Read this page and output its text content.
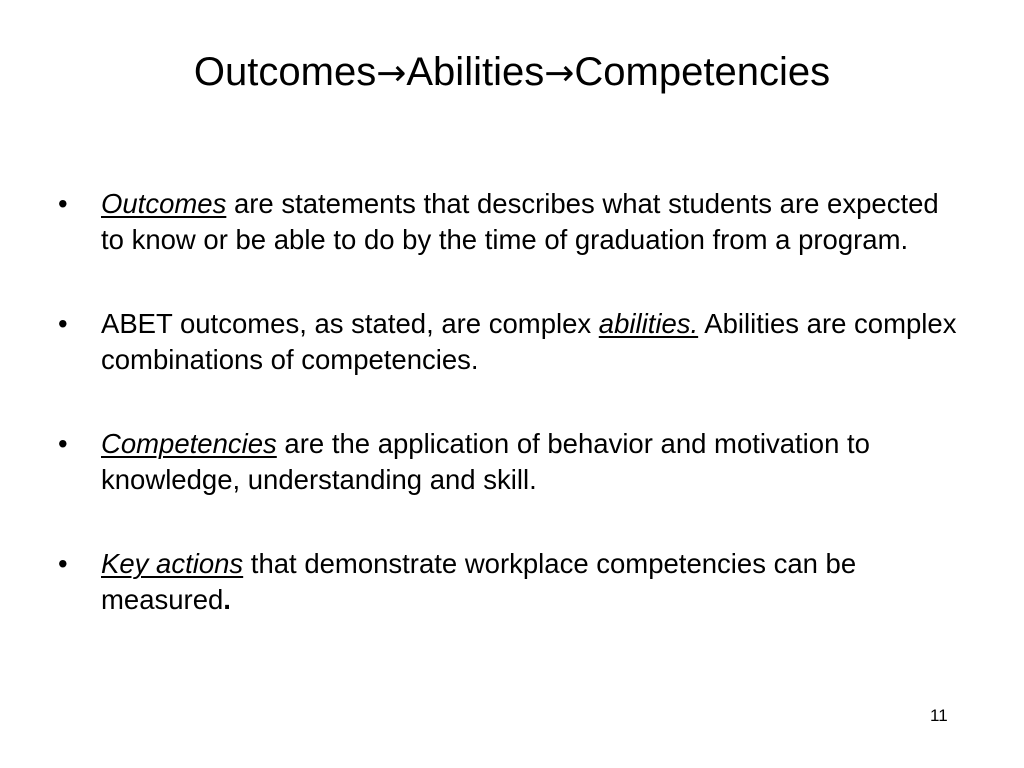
Outcomes→Abilities→Competencies
•	Outcomes are statements that describes what students are expected to know or be able to do by the time of graduation from a program.
•	ABET outcomes, as stated, are complex abilities. Abilities are complex combinations of competencies.
•	Competencies are the application of behavior and motivation to knowledge, understanding and skill.
•	Key actions that demonstrate workplace competencies can be measured.
11
